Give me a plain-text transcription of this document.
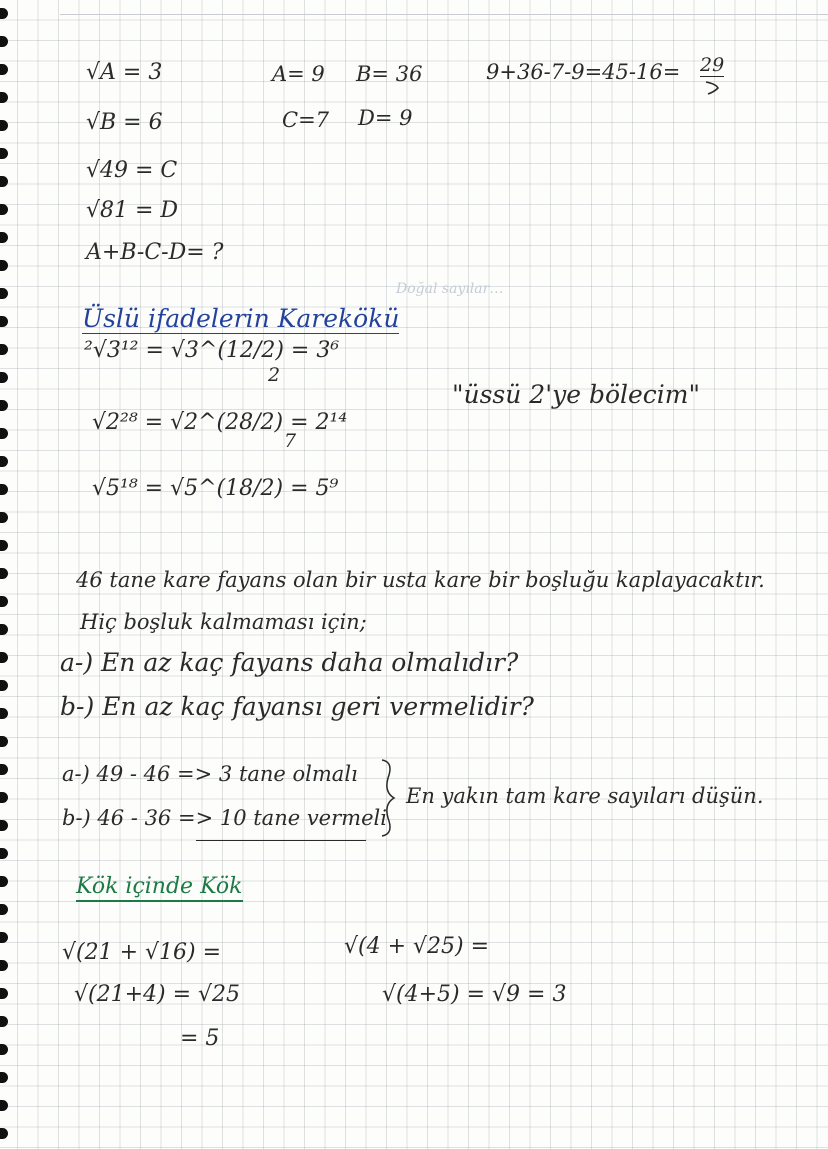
√A = 3
√B = 6
√49 = C
√81 = D
A+B-C-D= ?
A= 9 B= 36
C=7 D= 9
9+36-7-9=45-16= 29
Doğal sayılar…
Üslü ifadelerin Karekökü
²√3¹² = √3^(12/2) = 3⁶
2
"üssü 2'ye bölecim"
√2²⁸ = √2^(28/2) = 2¹⁴
7
√5¹⁸ = √5^(18/2) = 5⁹
46 tane kare fayans olan bir usta kare bir boşluğu kaplayacaktır.
Hiç boşluk kalmaması için;
a-) En az kaç fayans daha olmalıdır?
b-) En az kaç fayansı geri vermelidir?
a-) 49 - 46 => 3 tane olmalı
b-) 46 - 36 => 10 tane vermeli
En yakın tam kare sayıları düşün.
Kök içinde Kök
√(21 + √16) =
√(21+4) = √25
= 5
√(4 + √25) =
√(4+5) = √9 = 3
